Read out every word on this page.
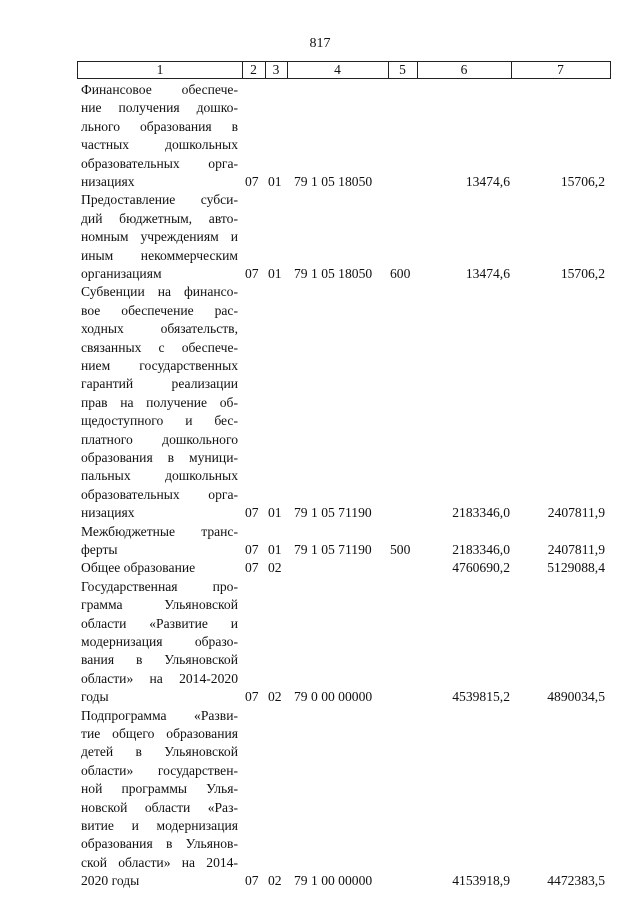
817
1	2	3	4	5	6	7
Финансовое обеспече-
ние получения дошко-
льного образования в
частных дошкольных
образовательных орга-
низациях	07 01 79 1 05 18050	13474,6	15706,2
Предоставление субси-
дий бюджетным, авто-
номным учреждениям и
иным некоммерческим
организациям	07 01 79 1 05 18050	600	13474,6	15706,2
Субвенции на финансо-
вое обеспечение рас-
ходных обязательств,
связанных с обеспече-
нием государственных
гарантий реализации
прав на получение об-
щедоступного и бес-
платного дошкольного
образования в муници-
пальных дошкольных
образовательных орга-
низациях	07 01 79 1 05 71190	2183346,0	2407811,9
Межбюджетные транс-
ферты	07 01 79 1 05 71190	500	2183346,0	2407811,9
Общее образование	07 02	4760690,2	5129088,4
Государственная про-
грамма Ульяновской
области «Развитие и
модернизация образо-
вания в Ульяновской
области» на 2014-2020
годы	07 02 79 0 00 00000	4539815,2	4890034,5
Подпрограмма «Разви-
тие общего образования
детей в Ульяновской
области» государствен-
ной программы Улья-
новской области «Раз-
витие и модернизация
образования в Ульянов-
ской области» на 2014-
2020 годы	07 02 79 1 00 00000	4153918,9	4472383,5
